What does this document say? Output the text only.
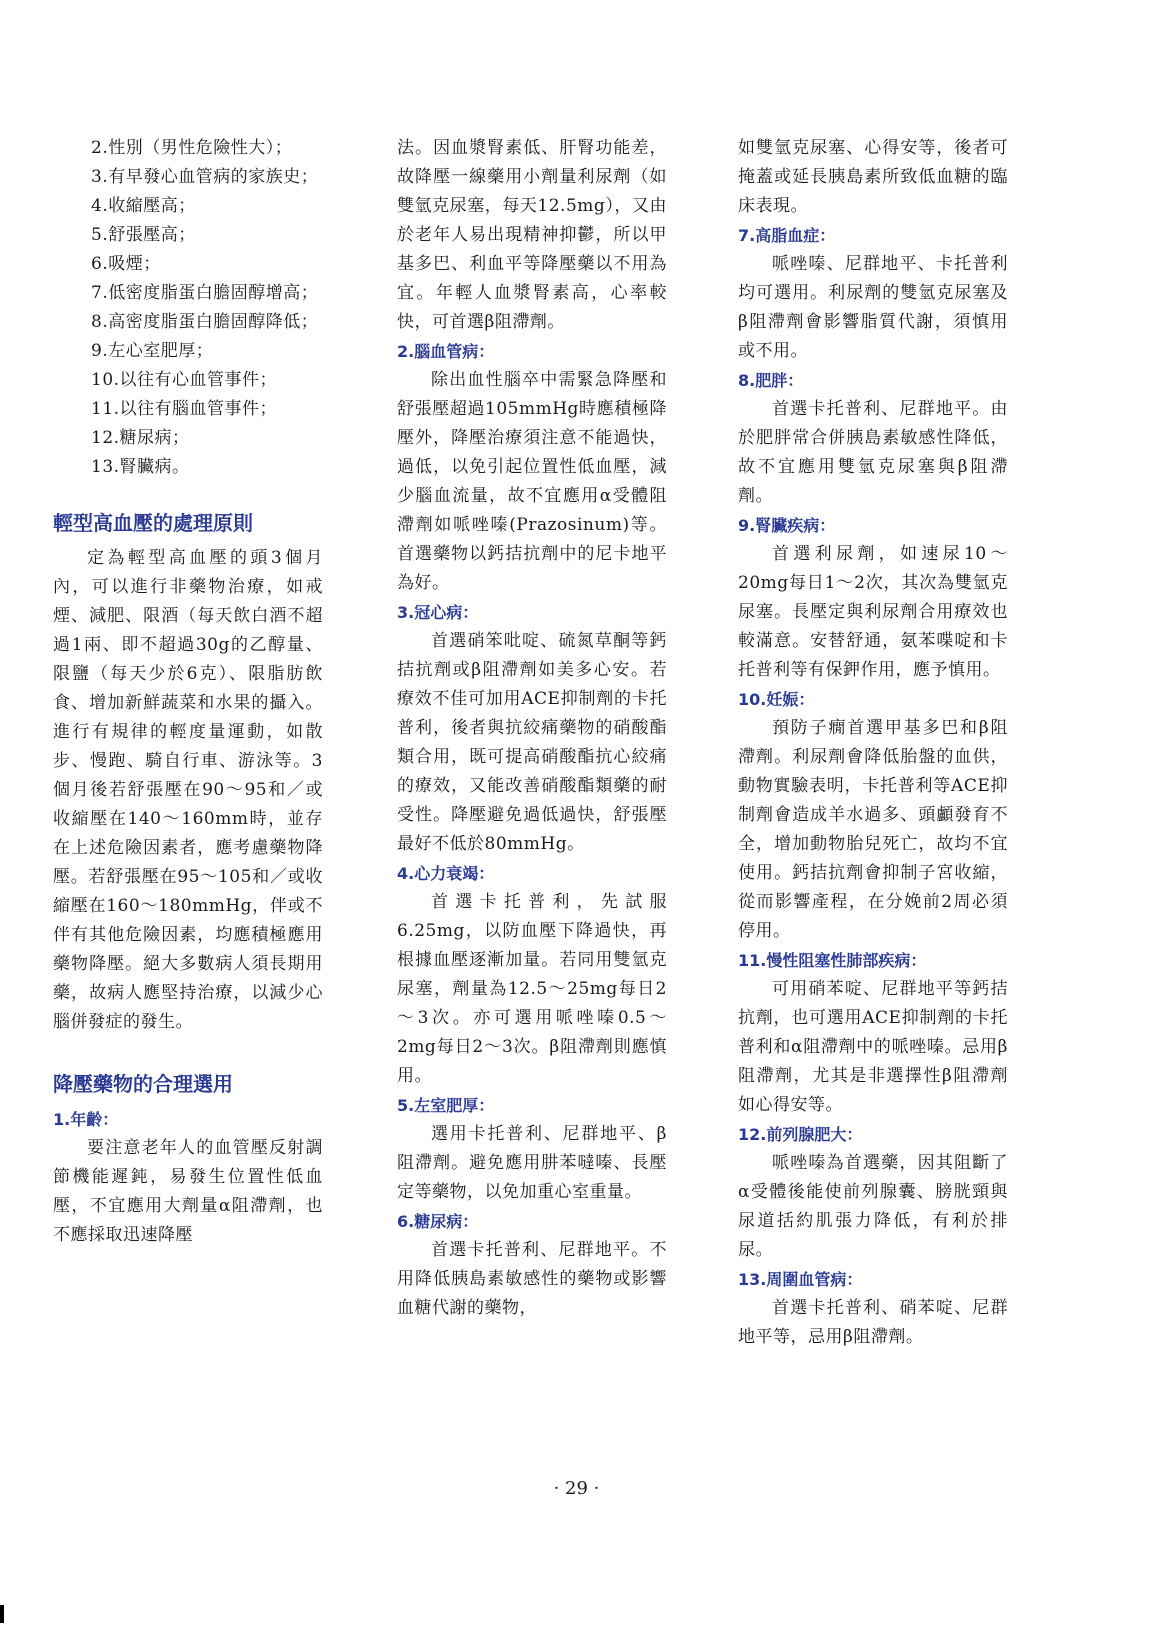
2.性別（男性危險性大）；

3.有早發心血管病的家族史；

4.收縮壓高；

5.舒張壓高；

6.吸煙；

7.低密度脂蛋白膽固醇增高；

8.高密度脂蛋白膽固醇降低；

9.左心室肥厚；

10.以往有心血管事件；

11.以往有腦血管事件；

12.糖尿病；

13.腎臟病。

輕型高血壓的處理原則

定為輕型高血壓的頭3個月內，可以進行非藥物治療，如戒煙、減肥、限酒（每天飲白酒不超過1兩、即不超過30g的乙醇量、限鹽（每天少於6克）、限脂肪飲食、增加新鮮蔬菜和水果的攝入。進行有規律的輕度量運動，如散步、慢跑、騎自行車、游泳等。3個月後若舒張壓在90～95和／或收縮壓在140～160mm時，並存在上述危險因素者，應考慮藥物降壓。若舒張壓在95～105和／或收縮壓在160～180mmHg，伴或不伴有其他危險因素，均應積極應用藥物降壓。絕大多數病人須長期用藥，故病人應堅持治療，以減少心腦併發症的發生。

降壓藥物的合理選用

1.年齡：

要注意老年人的血管壓反射調節機能遲鈍，易發生位置性低血壓，不宜應用大劑量α阻滯劑，也不應採取迅速降壓

法。因血漿腎素低、肝腎功能差，故降壓一線藥用小劑量利尿劑（如雙氫克尿塞，每天12.5mg），又由於老年人易出現精神抑鬱，所以甲基多巴、利血平等降壓藥以不用為宜。年輕人血漿腎素高，心率較快，可首選β阻滯劑。

2.腦血管病：

除出血性腦卒中需緊急降壓和舒張壓超過105mmHg時應積極降壓外，降壓治療須注意不能過快，過低，以免引起位置性低血壓，減少腦血流量，故不宜應用α受體阻滯劑如哌唑嗪(Prazosinum)等。首選藥物以鈣拮抗劑中的尼卡地平為好。

3.冠心病：

首選硝笨吡啶、硫氮草酮等鈣拮抗劑或β阻滯劑如美多心安。若療效不佳可加用ACE抑制劑的卡托普利，後者與抗絞痛藥物的硝酸酯類合用，既可提高硝酸酯抗心絞痛的療效，又能改善硝酸酯類藥的耐受性。降壓避免過低過快，舒張壓最好不低於80mmHg。

4.心力衰竭：

首選卡托普利，先試服6.25mg，以防血壓下降過快，再根據血壓逐漸加量。若同用雙氫克尿塞，劑量為12.5～25mg每日2～3次。亦可選用哌唑嗪0.5～2mg每日2～3次。β阻滯劑則應慎用。

5.左室肥厚：

選用卡托普利、尼群地平、β阻滯劑。避免應用肼苯噠嗪、長壓定等藥物，以免加重心室重量。

6.糖尿病：

首選卡托普利、尼群地平。不用降低胰島素敏感性的藥物或影響血糖代謝的藥物，

如雙氫克尿塞、心得安等，後者可掩蓋或延長胰島素所致低血糖的臨床表現。

7.高脂血症：

哌唑嗪、尼群地平、卡托普利均可選用。利尿劑的雙氫克尿塞及β阻滯劑會影響脂質代謝，須慎用或不用。

8.肥胖：

首選卡托普利、尼群地平。由於肥胖常合併胰島素敏感性降低，故不宜應用雙氫克尿塞與β阻滯劑。

9.腎臟疾病：

首選利尿劑，如速尿10～20mg每日1～2次，其次為雙氫克尿塞。長壓定與利尿劑合用療效也較滿意。安替舒通，氨苯喋啶和卡托普利等有保鉀作用，應予慎用。

10.妊娠：

預防子癇首選甲基多巴和β阻滯劑。利尿劑會降低胎盤的血供，動物實驗表明，卡托普利等ACE抑制劑會造成羊水過多、頭顱發育不全，增加動物胎兒死亡，故均不宜使用。鈣拮抗劑會抑制子宮收縮，從而影響產程，在分娩前2周必須停用。

11.慢性阻塞性肺部疾病：

可用硝苯啶、尼群地平等鈣拮抗劑，也可選用ACE抑制劑的卡托普利和α阻滯劑中的哌唑嗪。忌用β阻滯劑，尤其是非選擇性β阻滯劑如心得安等。

12.前列腺肥大：

哌唑嗪為首選藥，因其阻斷了α受體後能使前列腺囊、膀胱頸與尿道括約肌張力降低，有利於排尿。

13.周圍血管病：

首選卡托普利、硝苯啶、尼群地平等，忌用β阻滯劑。

· 29 ·
